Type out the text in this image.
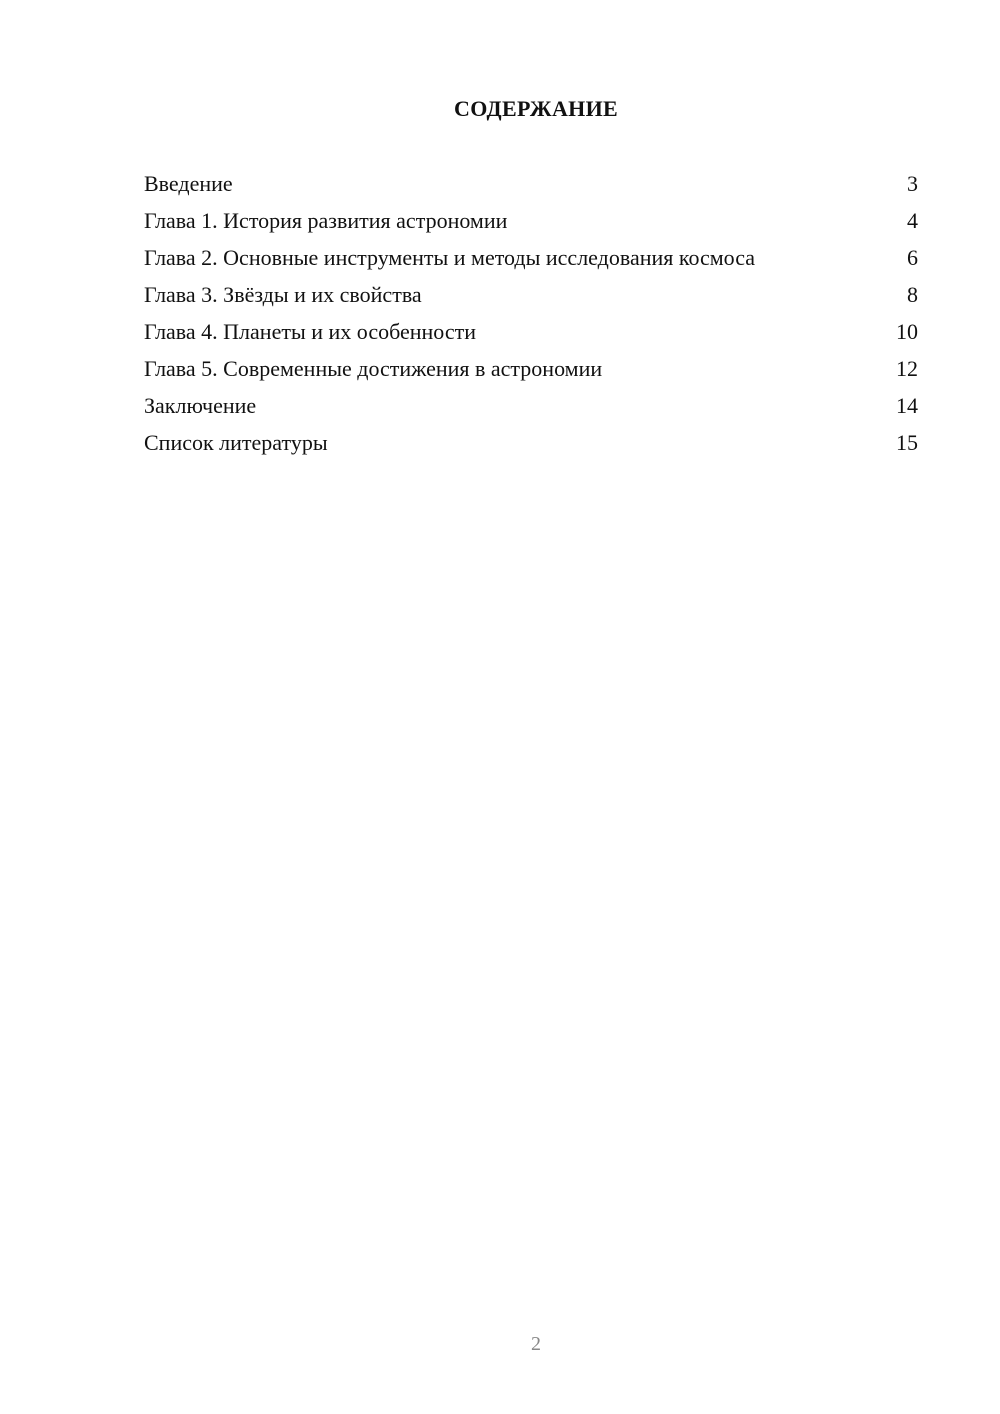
СОДЕРЖАНИЕ
Введение	3
Глава 1. История развития астрономии	4
Глава 2. Основные инструменты и методы исследования космоса	6
Глава 3. Звёзды и их свойства	8
Глава 4. Планеты и их особенности	10
Глава 5. Современные достижения в астрономии	12
Заключение	14
Список литературы	15
2
